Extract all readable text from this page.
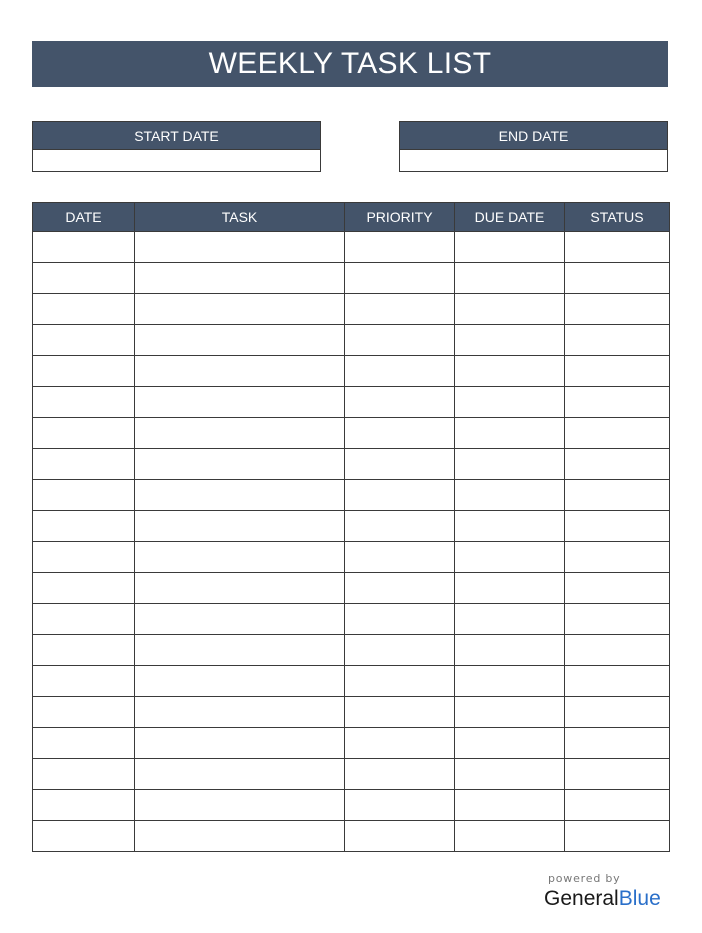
WEEKLY TASK LIST
START DATE	END DATE
DATE	TASK	PRIORITY	DUE DATE	STATUS

powered by
GeneralBlue
